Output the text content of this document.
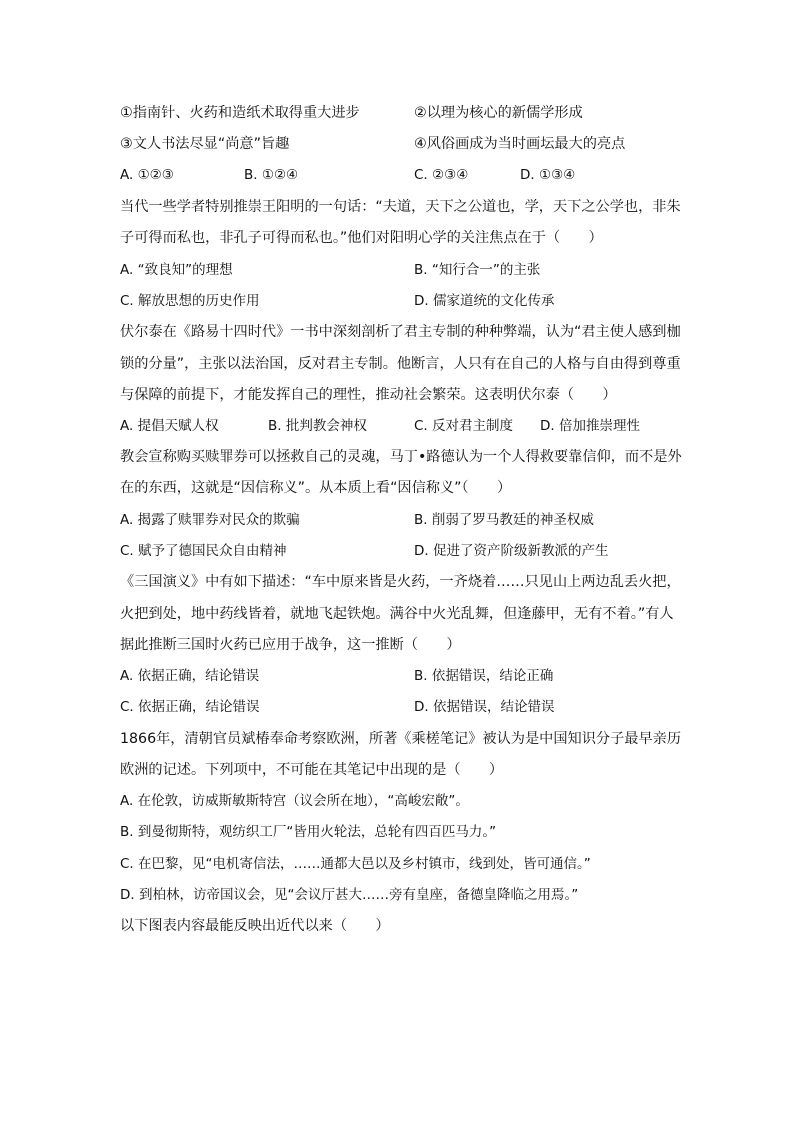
①指南针、火药和造纸术取得重大进步	②以理为核心的新儒学形成
③文人书法尽显“尚意”旨趣	④风俗画成为当时画坛最大的亮点
A. ①②③	B. ①②④	C. ②③④	D. ①③④
当代一些学者特别推崇王阳明的一句话：“夫道，天下之公道也，学，天下之公学也，非朱
子可得而私也，非孔子可得而私也。”他们对阳明心学的关注焦点在于（　　）
A. “致良知”的理想	B. “知行合一”的主张
C. 解放思想的历史作用	D. 儒家道统的文化传承
伏尔泰在《路易十四时代》一书中深刻剖析了君主专制的种种弊端，认为“君主使人感到枷
锁的分量”，主张以法治国，反对君主专制。他断言，人只有在自己的人格与自由得到尊重
与保障的前提下，才能发挥自己的理性，推动社会繁荣。这表明伏尔泰（　　）
A. 提倡天赋人权	B. 批判教会神权	C. 反对君主制度 D. 倍加推崇理性
教会宣称购买赎罪券可以拯救自己的灵魂，马丁•路德认为一个人得救要靠信仰，而不是外
在的东西，这就是“因信称义”。从本质上看“因信称义”（　　）
A. 揭露了赎罪券对民众的欺骗	B. 削弱了罗马教廷的神圣权威
C. 赋予了德国民众自由精神	D. 促进了资产阶级新教派的产生
《三国演义》中有如下描述：“车中原来皆是火药，一齐烧着……只见山上两边乱丢火把，
火把到处，地中药线皆着，就地飞起铁炮。满谷中火光乱舞，但逢藤甲，无有不着。”有人
据此推断三国时火药已应用于战争，这一推断（　　）
A. 依据正确，结论错误	B. 依据错误，结论正确
C. 依据正确，结论错误	D. 依据错误，结论错误
1866年，清朝官员斌椿奉命考察欧洲，所著《乘槎笔记》被认为是中国知识分子最早亲历
欧洲的记述。下列项中，不可能在其笔记中出现的是（　　）
A. 在伦敦，访威斯敏斯特宫（议会所在地），“高峻宏敞”。
B. 到曼彻斯特，观纺织工厂“皆用火轮法，总轮有四百匹马力。”
C. 在巴黎，见“电机寄信法，……通都大邑以及乡村镇市，线到处，皆可通信。”
D. 到柏林，访帝国议会，见“会议厅甚大……旁有皇座，备德皇降临之用焉。”
以下图表内容最能反映出近代以来（　　）
